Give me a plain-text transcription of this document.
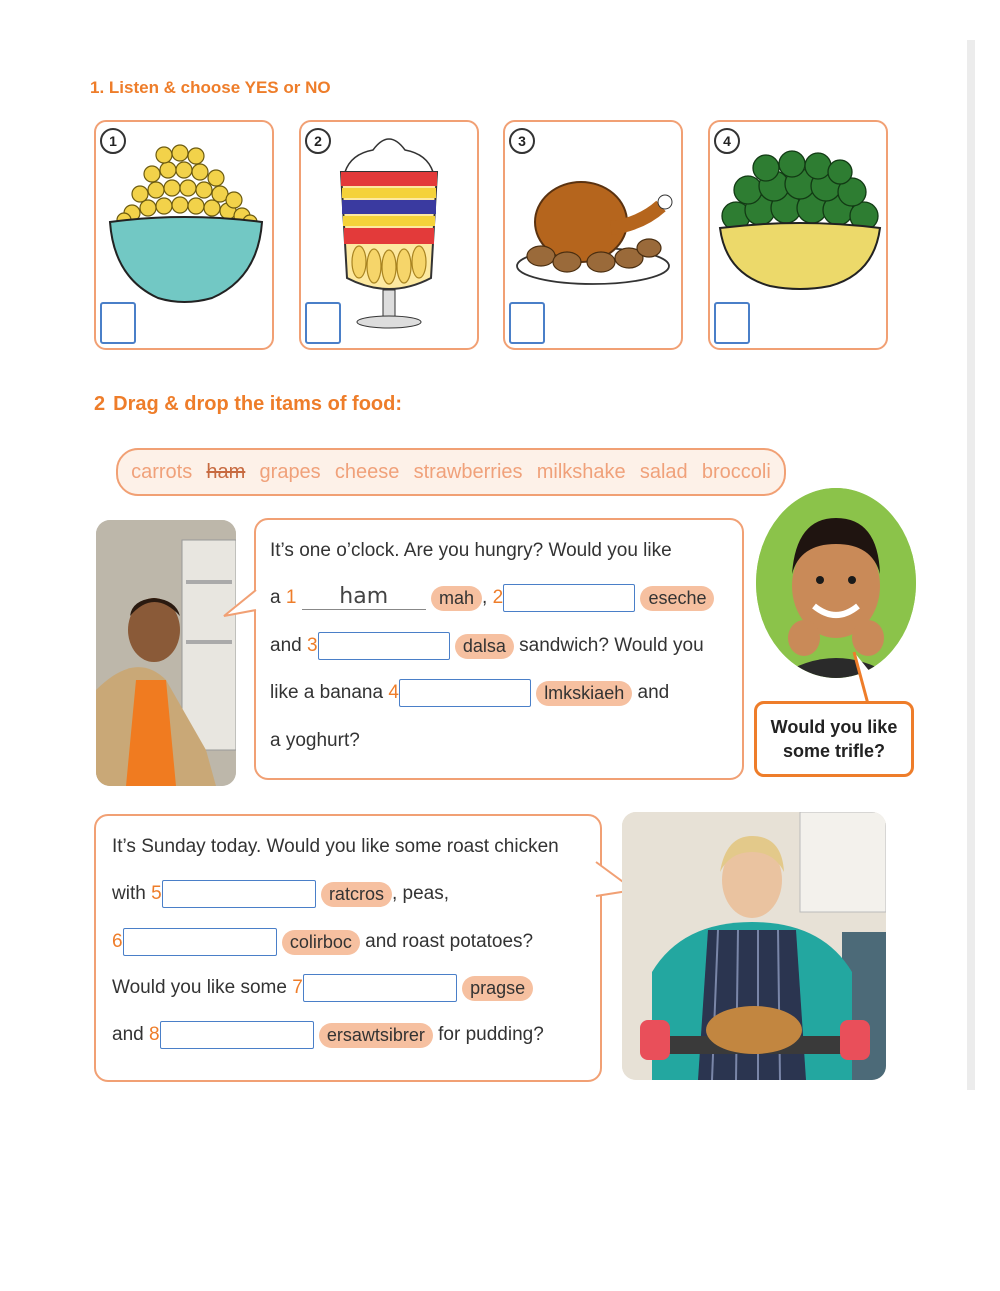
1. Listen & choose YES or NO
1	2	3	4
2 Drag & drop the itams of food:
carrots ham grapes cheese strawberries milkshake salad broccoli
It’s one o’clock. Are you hungry? Would you like
a 1 ham	mah , 2	eseche
and 3	dalsa sandwich? Would you
like a banana 4	lmkskiaeh and
a yoghurt?
Would you like
some trifle?
It’s Sunday today. Would you like some roast chicken
with 5	ratcros , peas,
6	colirboc and roast potatoes?
Would you like some 7	pragse
and 8	ersawtsibrer for pudding?
